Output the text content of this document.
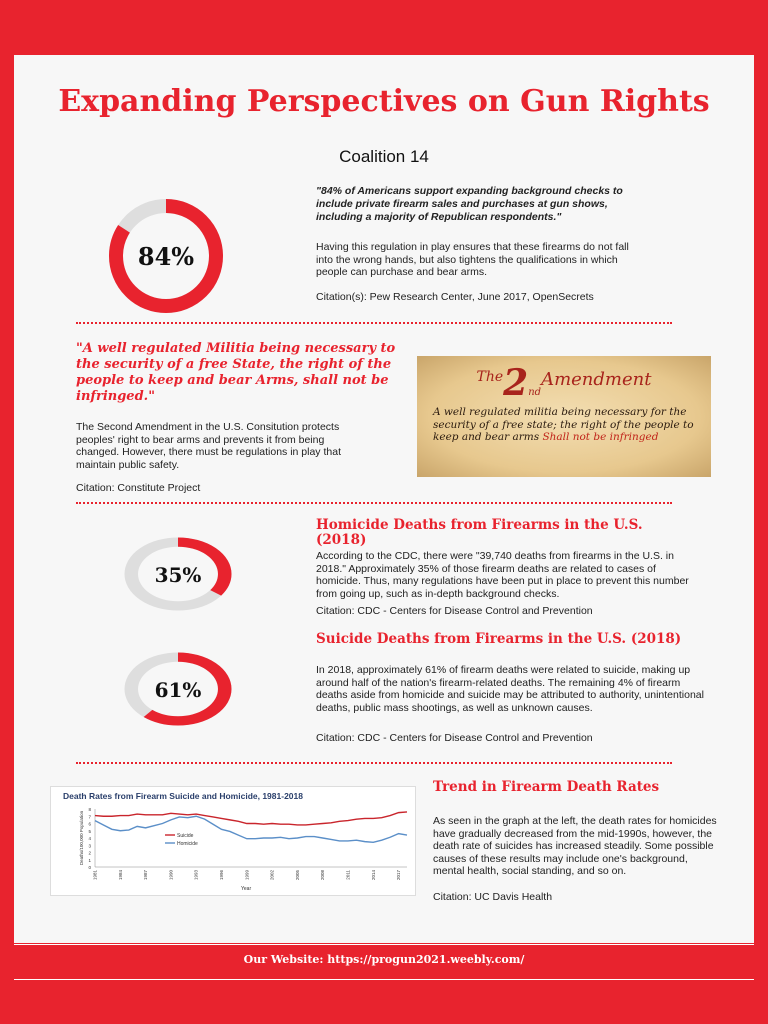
Expanding Perspectives on Gun Rights
Coalition 14
84%
"84% of Americans support expanding background checks to include private firearm sales and purchases at gun shows, including a majority of Republican respondents."
Having this regulation in play ensures that these firearms do not fall into the wrong hands, but also tightens the qualifications in which people can purchase and bear arms.
Citation(s): Pew Research Center, June 2017, OpenSecrets
"A well regulated Militia being necessary to the security of a free State, the right of the people to keep and bear Arms, shall not be infringed."
The Second Amendment in the U.S. Consitution protects peoples' right to bear arms and prevents it from being changed. However, there must be regulations in play that maintain public safety.
Citation: Constitute Project
The2ndAmendment
A well regulated militia being necessary for the security of a free state; the right of the people to keep and bear arms Shall not be infringed
35%
Homicide Deaths from Firearms in the U.S. (2018)
According to the CDC, there were "39,740 deaths from firearms in the U.S. in 2018." Approximately 35% of those firearm deaths are related to cases of homicide. Thus, many regulations have been put in place to prevent this number from going up, such as in-depth background checks.
Citation: CDC - Centers for Disease Control and Prevention
61%
Suicide Deaths from Firearms in the U.S. (2018)
In 2018, approximately 61% of firearm deaths were related to suicide, making up around half of the nation's firearm-related deaths. The remaining 4% of firearm deaths aside from homicide and suicide may be attributed to authority, unintentional deaths, public mass shootings, as well as unknown causes.
Citation: CDC - Centers for Disease Control and Prevention
Trend in Firearm Death Rates
As seen in the graph at the left, the death rates for homicides have gradually decreased from the mid-1990s, however, the death rate of suicides has increased steadily. Some possible causes of these results may include one's background, mental health, social standing, and so on.
Citation: UC Davis Health
Death Rates from Firearm Suicide and Homicide, 1981-2018
0
1
2
3
4
5
6
7
8
Deaths/100,000 Population
1981	1984	1987	1990	1993	1996	1999	2002	2005	2008	2011	2014	2017
Year
Suicide
Homicide
Our Website: https://progun2021.weebly.com/
